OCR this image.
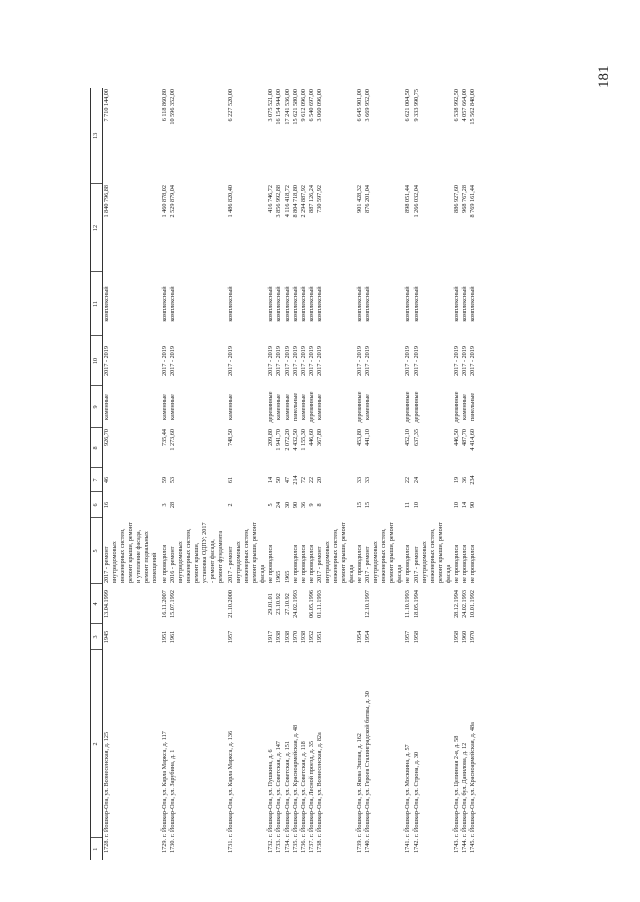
181
1	2	3	4	5	6	7	8	9	10	11	12	13
1728.	г. Йошкар-Ола, ул. Вознесенская, д. 125	1945	13.04.1999	2017 - ремонт внутридомовых инженерных систем, ремонт крыши, ремонт и утепление фасада, ремонт подвальных помещений	16	46	926,70	каменные	2017 - 2019	комплексный	1 840 796,88	7 710 144,00
1729.	г. Йошкар-Ола, ул. Карла Маркса, д. 117	1951	16.11.2007	не проводился	3	59	735,44	каменные	2017 - 2019	комплексный	1 460 878,02	6 118 860,80
1730.	г. Йошкар-Ола, ул. Зарубина, д. 1	1961	15.07.1992	2016 - ремонт внутридомовых инженерных систем, ремонт крыши, установка ОДПУ; 2017 - ремонт фасада, ремонт фундамента	28	53	1 273,60	каменные	2017 - 2019	комплексный	2 529 879,04	10 596 352,00
1731.	г. Йошкар-Ола, ул. Карла Маркса, д. 136	1957	21.10.2000	2017 - ремонт внутридомовых инженерных систем, ремонт крыши, ремонт фасада	2	61	748,50	каменные	2017 - 2019	комплексный	1 486 820,40	6 227 520,00
1732.	г. Йошкар-Ола, ул. Пушкина, д. 6	1917	29.01.01	не проводился	5	14	209,80	деревянные	2017 - 2019	комплексный	416 746,72	3 075 521,00
1733.	г. Йошкар-Ола, ул. Советская, д. 147	1938	23.10.92	1965	24	50	1 941,70	каменные	2017 - 2019	комплексный	3 856 992,88	16 154 944,00
1734.	г. Йошкар-Ола, ул. Советская, д. 151	1938	27.10.92	1965	30	47	2 072,20	каменные	2017 - 2019	комплексный	4 116 418,72	17 241 536,00
1735.	г. Йошкар-Ола, ул. Красноармейская, д. 48	1970	24.02.1993	не проводился	90	214	4 432,50	панельные	2017 - 2019	комплексный	8 804 718,80	15 621 580,00
1736.	г. Йошкар-Ола, ул. Советская, д. 118	1938		не проводился	36	72	1 155,30	каменные	2017 - 2019	комплексный	2 294 887,92	9 612 096,00
1737.	г. Йошкар-Ола, Лесной проезд, д. 35	1952	06.05.1996	не проводился	9	22	446,60	деревянные	2017 - 2019	комплексный	887 126,24	6 540 697,00
1738.	г. Йошкар-Ола, ул. Вознесенская, д. 82а	1951	01.11.1993	2017 - ремонт внутридомовых инженерных систем, ремонт крыши, ремонт фасада	8	20	367,80	каменные	2017 - 2019	комплексный	730 597,92	3 060 096,00
1739.	г. Йошкар-Ола, ул. Якова Эшпая, д. 162	1954		не проводился	15	33	453,80	деревянные	2017 - 2019	комплексный	901 428,32	6 645 901,00
1740.	г. Йошкар-Ола, ул. Героев Сталинградской битвы, д. 30	1954	12.10.1997	2017 - ремонт внутридомовых инженерных систем, ремонт крыши, ремонт фасада	15	33	441,10	каменные	2017 - 2019	комплексный	876 201,04	3 669 952,00
1741.	г. Йошкар-Ола, ул. Москвина, д. 57	1957	11.10.1993	не проводился	11	22	452,10	деревянные	2017 - 2019	комплексный	898 051,44	6 621 004,50
1742.	г. Йошкар-Ола, ул. Строна, д. 30	1958	18.05.1994	2017 - ремонт внутридомовых инженерных систем, ремонт крыши, ремонт фасада	10	24	637,35	деревянные	2017 - 2019	комплексный	1 266 032,04	9 333 990,75
1743.	г. Йошкар-Ола, ул. Целинная 2-я, д. 58	1958	28.12.1994	не проводился	10	19	446,50	деревянные	2017 - 2019	комплексный	886 927,60	6 538 992,50
1744.	г. Йошкар-Ола, бул. Данилова, д. 12	1960	24.02.1993	не проводился	14	36	487,70	каменные	2017 - 2019	комплексный	968 767,28	4 057 664,00
1745.	г. Йошкар-Ола, ул. Красноармейская, д. 48а	1970	10.01.1992	не проводился	90	234	4 414,60	панельные	2017 - 2019	комплексный	8 769 161,44	15 562 848,00
